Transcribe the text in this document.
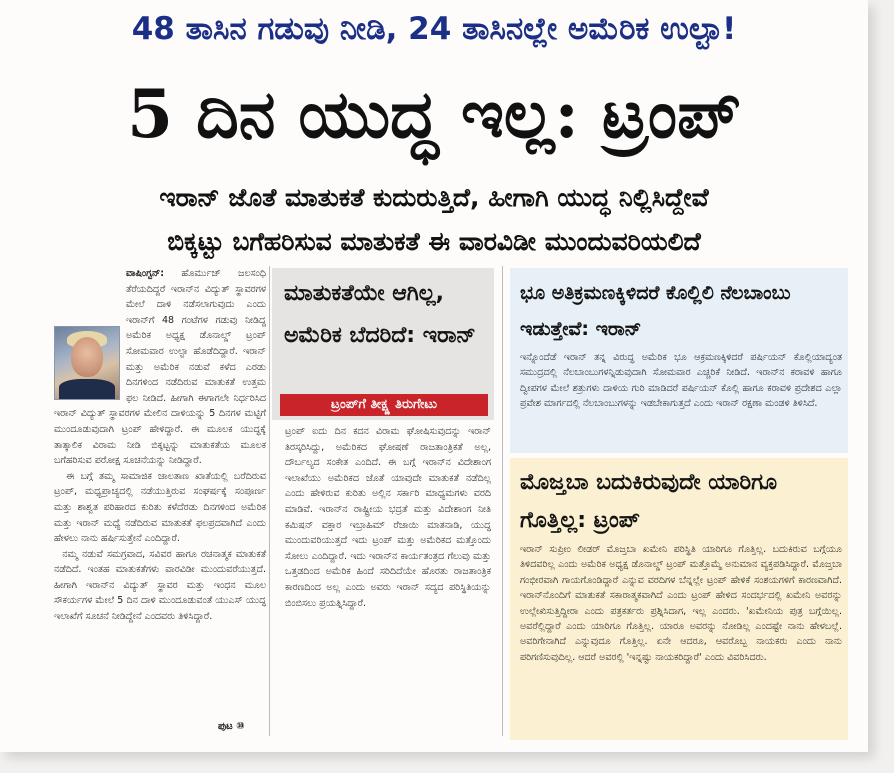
48 ತಾಸಿನ ಗಡುವು ನೀಡಿ, 24 ತಾಸಿನಲ್ಲೇ ಅಮೆರಿಕ ಉಲ್ಟಾ!
5 ದಿನ ಯುದ್ಧ ಇಲ್ಲ: ಟ್ರಂಪ್
ಇರಾನ್ ಜೊತೆ ಮಾತುಕತೆ ಕುದುರುತ್ತಿದೆ, ಹೀಗಾಗಿ ಯುದ್ಧ ನಿಲ್ಲಿಸಿದ್ದೇವೆ
ಬಿಕ್ಕಟ್ಟು ಬಗೆಹರಿಸುವ ಮಾತುಕತೆ ಈ ವಾರವಿಡೀ ಮುಂದುವರಿಯಲಿದೆ
ವಾಷಿಂಗ್ಟನ್: ಹೊರ್ಮುಜ್ ಜಲಸಂಧಿ ತೆರೆಯದಿದ್ದರೆ ಇರಾನ್‌ನ ವಿದ್ಯುತ್ ಸ್ಥಾವರಗಳ ಮೇಲೆ ದಾಳಿ ನಡೆಸಲಾಗುವುದು ಎಂದು ಇರಾನ್‌ಗೆ 48 ಗಂಟೆಗಳ ಗಡುವು ನೀಡಿದ್ದ ಅಮೆರಿಕ ಅಧ್ಯಕ್ಷ ಡೊನಾಲ್ಡ್ ಟ್ರಂಪ್ ಸೋಮವಾರ ಉಲ್ಟಾ ಹೊಡೆದಿದ್ದಾರೆ. ಇರಾನ್ ಮತ್ತು ಅಮೆರಿಕ ನಡುವೆ ಕಳೆದ ಎರಡು ದಿನಗಳಿಂದ ನಡೆದಿರುವ ಮಾತುಕತೆ ಉತ್ತಮ ಫಲ ನೀಡಿದೆ. ಹೀಗಾಗಿ ಈಗಾಗಲೇ ನಿರ್ಧರಿಸಿದ ಇರಾನ್ ವಿದ್ಯುತ್ ಸ್ಥಾವರಗಳ ಮೇಲಿನ ದಾಳಿಯನ್ನು 5 ದಿನಗಳ ಮಟ್ಟಿಗೆ ಮುಂದೂಡುವುದಾಗಿ ಟ್ರಂಪ್ ಹೇಳಿದ್ದಾರೆ. ಈ ಮೂಲಕ ಯುದ್ಧಕ್ಕೆ ತಾತ್ಕಾಲಿಕ ವಿರಾಮ ನೀಡಿ ಬಿಕ್ಕಟ್ಟನ್ನು ಮಾತುಕತೆಯ ಮೂಲಕ ಬಗೆಹರಿಸುವ ಪರೋಕ್ಷ ಸೂಚನೆಯನ್ನು ನೀಡಿದ್ದಾರೆ.
ಈ ಬಗ್ಗೆ ತಮ್ಮ ಸಾಮಾಜಿಕ ಜಾಲತಾಣ ಖಾತೆಯಲ್ಲಿ ಬರೆದಿರುವ ಟ್ರಂಪ್, ಮಧ್ಯಪ್ರಾಚ್ಯದಲ್ಲಿ ನಡೆಯುತ್ತಿರುವ ಸಂಘರ್ಷಕ್ಕೆ ಸಂಪೂರ್ಣ ಮತ್ತು ಶಾಶ್ವತ ಪರಿಹಾರದ ಕುರಿತು ಕಳೆದೆರಡು ದಿನಗಳಿಂದ ಅಮೆರಿಕ ಮತ್ತು ಇರಾನ್ ಮಧ್ಯೆ ನಡೆದಿರುವ ಮಾತುಕತೆ ಫಲಪ್ರದವಾಗಿದೆ ಎಂದು ಹೇಳಲು ನಾನು ಹರ್ಷಿಸುತ್ತೇನೆ ಎಂದಿದ್ದಾರೆ.
ನಮ್ಮ ನಡುವೆ ಸಮಗ್ರವಾದ, ಸವಿವರ ಹಾಗೂ ರಚನಾತ್ಮಕ ಮಾತುಕತೆ ನಡೆದಿದೆ. ಇಂತಹ ಮಾತುಕತೆಗಳು ವಾರವಿಡೀ ಮುಂದುವರೆಯುತ್ತದೆ. ಹೀಗಾಗಿ ಇರಾನ್‌ನ ವಿದ್ಯುತ್ ಸ್ಥಾವರ ಮತ್ತು ಇಂಧನ ಮೂಲ ಸೌಕರ್ಯಗಳ ಮೇಲೆ 5 ದಿನ ದಾಳಿ ಮುಂದೂಡುವಂತೆ ಯುಎಸ್ ಯುದ್ಧ ಇಲಾಖೆಗೆ ಸೂಚನೆ ನೀಡಿದ್ದೇನೆ ಎಂದವರು ತಿಳಿಸಿದ್ದಾರೆ.
ಪುಟ ⑩
ಮಾತುಕತೆಯೇ ಆಗಿಲ್ಲ, ಅಮೆರಿಕ ಬೆದರಿದೆ: ಇರಾನ್
ಟ್ರಂಪ್‌ಗೆ ತೀಕ್ಷ್ಣ ತಿರುಗೇಟು
ಟ್ರಂಪ್ ಐದು ದಿನ ಕದನ ವಿರಾಮ ಘೋಷಿಸುವುದನ್ನು ಇರಾನ್ ತಿರಸ್ಕರಿಸಿದ್ದು, ಅಮೆರಿಕದ ಘೋಷಣೆ ರಾಜತಾಂತ್ರಿಕತೆ ಅಲ್ಲ, ದೌರ್ಬಲ್ಯದ ಸಂಕೇತ ಎಂದಿದೆ. ಈ ಬಗ್ಗೆ ಇರಾನ್‌ನ ವಿದೇಶಾಂಗ ಇಲಾಖೆಯು ಅಮೆರಿಕದ ಜೊತೆ ಯಾವುದೇ ಮಾತುಕತೆ ನಡೆದಿಲ್ಲ ಎಂದು ಹೇಳಿರುವ ಕುರಿತು ಅಲ್ಲಿನ ಸರ್ಕಾರಿ ಮಾಧ್ಯಮಗಳು ವರದಿ ಮಾಡಿವೆ. ಇರಾನ್‌ನ ರಾಷ್ಟ್ರೀಯ ಭದ್ರತೆ ಮತ್ತು ವಿದೇಶಾಂಗ ನೀತಿ ಕಮಿಷನ್ ವಕ್ತಾರ ಇಬ್ರಾಹಿಮ್ ರೆಜಾಯಿ ಮಾತನಾಡಿ, ಯುದ್ಧ ಮುಂದುವರಿಯುತ್ತದೆ ಇದು ಟ್ರಂಪ್ ಮತ್ತು ಅಮೆರಿಕದ ಮತ್ತೊಂದು ಸೋಲು ಎಂದಿದ್ದಾರೆ. ಇದು ಇರಾನ್‌ನ ಕಾರ್ಯತಂತ್ರದ ಗೆಲುವು ಮತ್ತು ಒತ್ತಡದಿಂದ ಅಮೆರಿಕ ಹಿಂದೆ ಸರಿದಿದೆಯೇ ಹೊರತು ರಾಜತಾಂತ್ರಿಕ ಕಾರಣದಿಂದ ಅಲ್ಲ ಎಂದು ಅವರು ಇರಾನ್ ಸದ್ಯದ ಪರಿಸ್ಥಿತಿಯನ್ನು ಬಿಂಬಿಸಲು ಪ್ರಯತ್ನಿಸಿದ್ದಾರೆ.
ಭೂ ಅತಿಕ್ರಮಣಕ್ಕಿಳಿದರೆ ಕೊಲ್ಲಿಲಿ ನೆಲಬಾಂಬು ಇಡುತ್ತೇವೆ: ಇರಾನ್
ಇನ್ನೊಂದೆಡೆ ಇರಾನ್ ತನ್ನ ವಿರುದ್ಧ ಅಮೆರಿಕ ಭೂ ಆಕ್ರಮಣಕ್ಕಿಳಿದರೆ ಪರ್ಷಿಯನ್ ಕೊಲ್ಲಿಯಾದ್ಯಂತ ಸಮುದ್ರದಲ್ಲಿ ನೆಲಬಾಂಬುಗಳನ್ನಿಡುವುದಾಗಿ ಸೋಮವಾರ ಎಚ್ಚರಿಕೆ ನೀಡಿದೆ. ಇರಾನ್‌ನ ಕರಾವಳಿ ಹಾಗೂ ದ್ವೀಪಗಳ ಮೇಲೆ ಶತ್ರುಗಳು ದಾಳಿಯ ಗುರಿ ಮಾಡಿದರೆ ಪರ್ಷಿಯನ್ ಕೊಲ್ಲಿ ಹಾಗೂ ಕರಾವಳಿ ಪ್ರದೇಶದ ಎಲ್ಲಾ ಪ್ರವೇಶ ಮಾರ್ಗದಲ್ಲಿ ನೆಲಬಾಂಬುಗಳನ್ನು ಇಡಬೇಕಾಗುತ್ತದೆ ಎಂದು ಇರಾನ್ ರಕ್ಷಣಾ ಮಂಡಳಿ ತಿಳಿಸಿದೆ.
ಮೊಜ್ತಬಾ ಬದುಕಿರುವುದೇ ಯಾರಿಗೂ ಗೊತ್ತಿಲ್ಲ: ಟ್ರಂಪ್
ಇರಾನ್ ಸುಪ್ರೀಂ ಲೀಡರ್ ಮೊಜ್ತಬಾ ಖಮೇನಿ ಪರಿಸ್ಥಿತಿ ಯಾರಿಗೂ ಗೊತ್ತಿಲ್ಲ. ಬದುಕಿರುವ ಬಗ್ಗೆಯೂ ತಿಳಿದವರಿಲ್ಲ ಎಂದು ಅಮೆರಿಕ ಅಧ್ಯಕ್ಷ ಡೊನಾಲ್ಡ್ ಟ್ರಂಪ್ ಮತ್ತೊಮ್ಮೆ ಅನುಮಾನ ವ್ಯಕ್ತಪಡಿಸಿದ್ದಾರೆ. ಮೊಜ್ತಬಾ ಗಂಭೀರವಾಗಿ ಗಾಯಗೊಂಡಿದ್ದಾರೆ ಎನ್ನುವ ವರದಿಗಳ ಬೆನ್ನಲ್ಲೇ ಟ್ರಂಪ್ ಹೇಳಿಕೆ ಸಂಶಯಗಳಿಗೆ ಕಾರಣವಾಗಿದೆ. ಇರಾನ್‌ನೊಂದಿಗೆ ಮಾತುಕತೆ ಸಕಾರಾತ್ಮಕವಾಗಿದೆ ಎಂದು ಟ್ರಂಪ್ ಹೇಳಿದ ಸಂದರ್ಭದಲ್ಲಿ ಖಮೇನಿ ಅವರನ್ನು ಉಲ್ಲೇಖಿಸುತ್ತಿದ್ದೀರಾ ಎಂದು ಪತ್ರಕರ್ತರು ಪ್ರಶ್ನಿಸಿದಾಗ, ಇಲ್ಲ ಎಂದರು. 'ಖಮೇನಿಯ ಪುತ್ರ ಬಗ್ಗೆಯಿಲ್ಲ. ಅವರೆಲ್ಲಿದ್ದಾರೆ ಎಂದು ಯಾರಿಗೂ ಗೊತ್ತಿಲ್ಲ. ಯಾರೂ ಅವರನ್ನು ನೋಡಿಲ್ಲ ಎಂದಷ್ಟೇ ನಾನು ಹೇಳಬಲ್ಲೆ. ಅವರಿಗೇನಾಗಿದೆ ಎನ್ನುವುದೂ ಗೊತ್ತಿಲ್ಲ. ಏನೇ ಆದರೂ, ಆವರೊಬ್ಬ ನಾಯಕರು ಎಂದು ನಾನು ಪರಿಗಣಿಸುವುದಿಲ್ಲ. ಆದರೆ ಅವರಲ್ಲಿ 'ಇನ್ನಷ್ಟು ನಾಯಕರಿದ್ದಾರೆ' ಎಂದು ವಿವರಿಸಿದರು.
